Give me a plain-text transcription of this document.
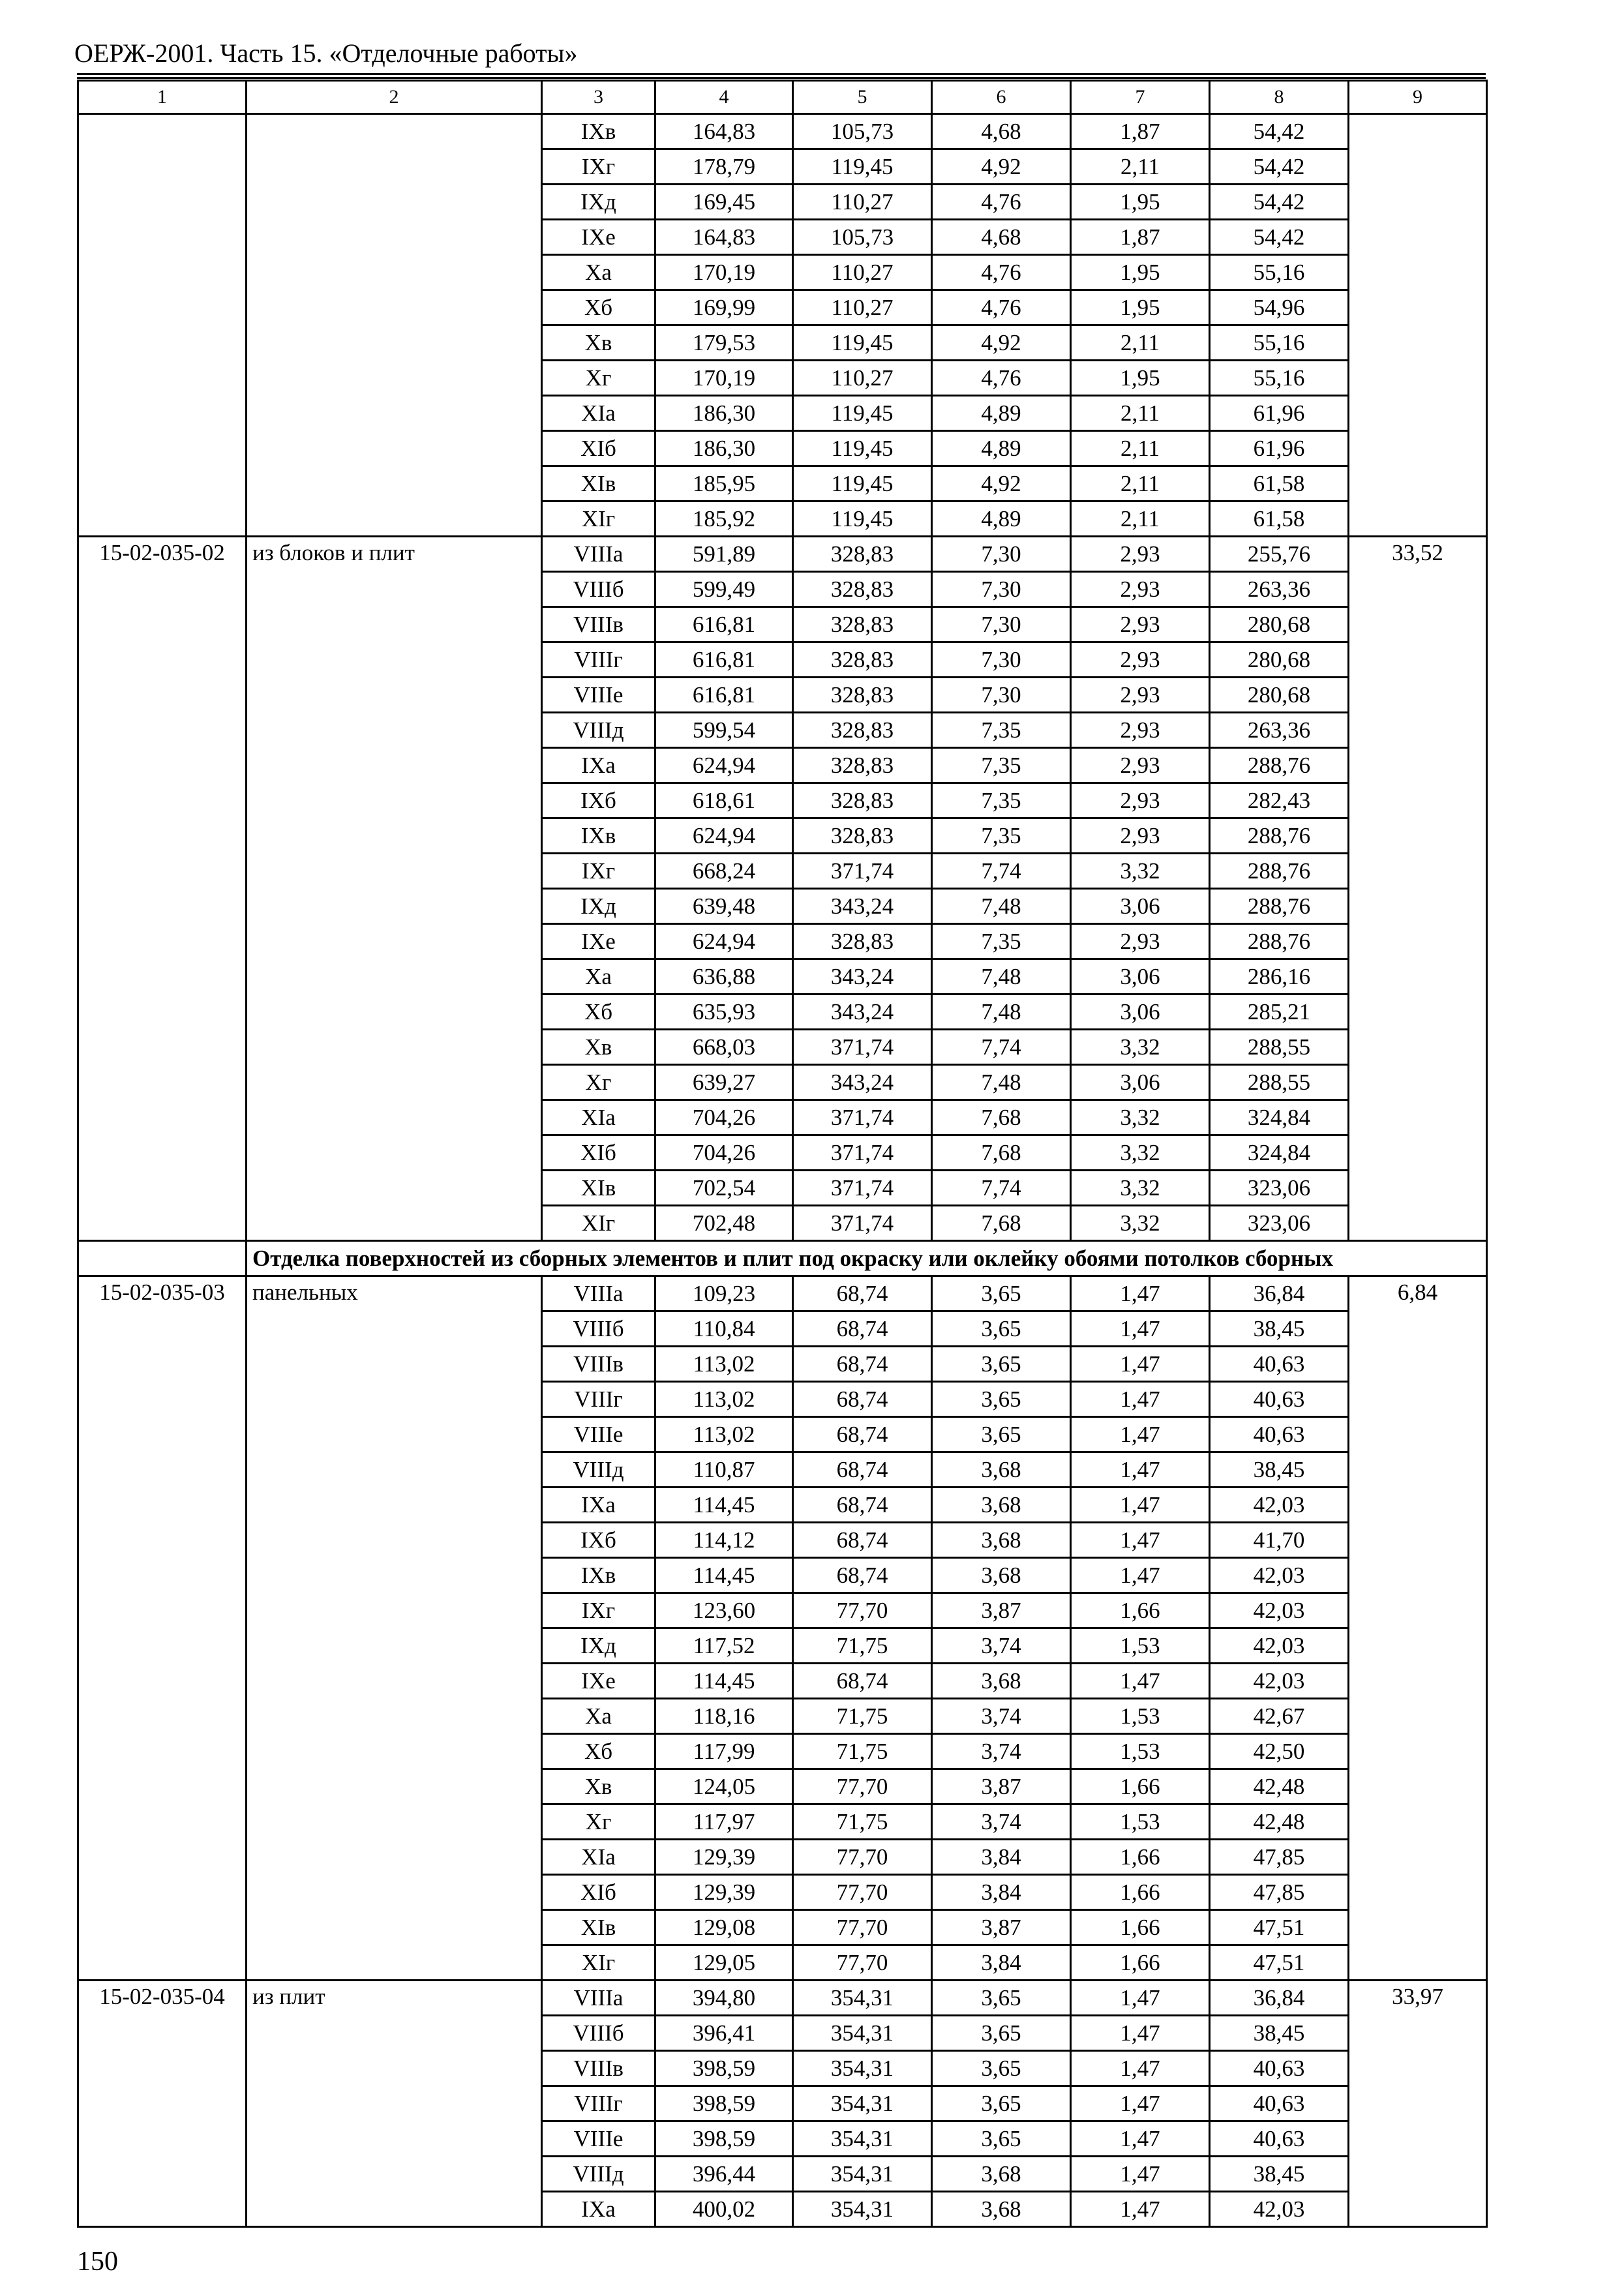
ОЕРЖ-2001. Часть 15. «Отделочные работы»
1	2	3	4	5	6	7	8	9
		IXв	164,83	105,73	4,68	1,87	54,42	
		IXг	178,79	119,45	4,92	2,11	54,42	
		IXд	169,45	110,27	4,76	1,95	54,42	
		IXе	164,83	105,73	4,68	1,87	54,42	
		Xа	170,19	110,27	4,76	1,95	55,16	
		Xб	169,99	110,27	4,76	1,95	54,96	
		Xв	179,53	119,45	4,92	2,11	55,16	
		Xг	170,19	110,27	4,76	1,95	55,16	
		XIа	186,30	119,45	4,89	2,11	61,96	
		XIб	186,30	119,45	4,89	2,11	61,96	
		XIв	185,95	119,45	4,92	2,11	61,58	
		XIг	185,92	119,45	4,89	2,11	61,58	
15-02-035-02	из блоков и плит	VIIIа	591,89	328,83	7,30	2,93	255,76	33,52
		VIIIб	599,49	328,83	7,30	2,93	263,36	
		VIIIв	616,81	328,83	7,30	2,93	280,68	
		VIIIг	616,81	328,83	7,30	2,93	280,68	
		VIIIе	616,81	328,83	7,30	2,93	280,68	
		VIIIд	599,54	328,83	7,35	2,93	263,36	
		IXа	624,94	328,83	7,35	2,93	288,76	
		IXб	618,61	328,83	7,35	2,93	282,43	
		IXв	624,94	328,83	7,35	2,93	288,76	
		IXг	668,24	371,74	7,74	3,32	288,76	
		IXд	639,48	343,24	7,48	3,06	288,76	
		IXе	624,94	328,83	7,35	2,93	288,76	
		Xа	636,88	343,24	7,48	3,06	286,16	
		Xб	635,93	343,24	7,48	3,06	285,21	
		Xв	668,03	371,74	7,74	3,32	288,55	
		Xг	639,27	343,24	7,48	3,06	288,55	
		XIа	704,26	371,74	7,68	3,32	324,84	
		XIб	704,26	371,74	7,68	3,32	324,84	
		XIв	702,54	371,74	7,74	3,32	323,06	
		XIг	702,48	371,74	7,68	3,32	323,06	
	Отделка поверхностей из сборных элементов и плит под окраску или оклейку обоями потолков сборных							
15-02-035-03	панельных	VIIIа	109,23	68,74	3,65	1,47	36,84	6,84
		VIIIб	110,84	68,74	3,65	1,47	38,45	
		VIIIв	113,02	68,74	3,65	1,47	40,63	
		VIIIг	113,02	68,74	3,65	1,47	40,63	
		VIIIе	113,02	68,74	3,65	1,47	40,63	
		VIIIд	110,87	68,74	3,68	1,47	38,45	
		IXа	114,45	68,74	3,68	1,47	42,03	
		IXб	114,12	68,74	3,68	1,47	41,70	
		IXв	114,45	68,74	3,68	1,47	42,03	
		IXг	123,60	77,70	3,87	1,66	42,03	
		IXд	117,52	71,75	3,74	1,53	42,03	
		IXе	114,45	68,74	3,68	1,47	42,03	
		Xа	118,16	71,75	3,74	1,53	42,67	
		Xб	117,99	71,75	3,74	1,53	42,50	
		Xв	124,05	77,70	3,87	1,66	42,48	
		Xг	117,97	71,75	3,74	1,53	42,48	
		XIа	129,39	77,70	3,84	1,66	47,85	
		XIб	129,39	77,70	3,84	1,66	47,85	
		XIв	129,08	77,70	3,87	1,66	47,51	
		XIг	129,05	77,70	3,84	1,66	47,51	
15-02-035-04	из плит	VIIIа	394,80	354,31	3,65	1,47	36,84	33,97
		VIIIб	396,41	354,31	3,65	1,47	38,45	
		VIIIв	398,59	354,31	3,65	1,47	40,63	
		VIIIг	398,59	354,31	3,65	1,47	40,63	
		VIIIе	398,59	354,31	3,65	1,47	40,63	
		VIIIд	396,44	354,31	3,68	1,47	38,45	
		IXа	400,02	354,31	3,68	1,47	42,03	
150
